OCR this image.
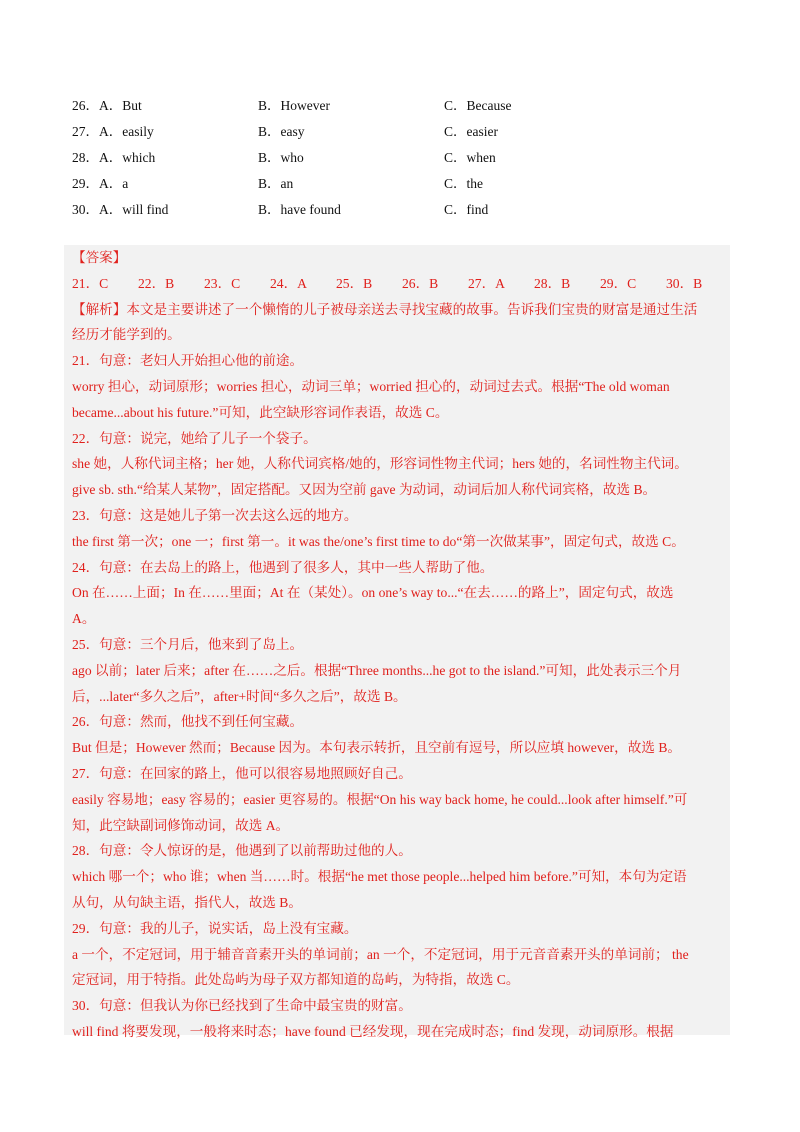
26．A．But	B．However	C．Because
27．A．easily	B．easy	C．easier
28．A．which	B．who	C．when
29．A．a	B．an	C．the
30．A．will find	B．have found	C．find
【答案】
21．C 22．B 23．C 24．A 25．B 26．B 27．A 28．B 29．C 30．B
【解析】本文是主要讲述了一个懒惰的儿子被母亲送去寻找宝藏的故事。告诉我们宝贵的财富是通过生活
经历才能学到的。
21．句意：老妇人开始担心他的前途。
worry 担心，动词原形；worries 担心，动词三单；worried 担心的，动词过去式。根据“The old woman
became...about his future.”可知，此空缺形容词作表语，故选 C。
22．句意：说完，她给了儿子一个袋子。
she 她，人称代词主格；her 她，人称代词宾格/她的，形容词性物主代词；hers 她的，名词性物主代词。
give sb. sth.“给某人某物”，固定搭配。又因为空前 gave 为动词，动词后加人称代词宾格，故选 B。
23．句意：这是她儿子第一次去这么远的地方。
the first 第一次；one 一；first 第一。it was the/one’s first time to do“第一次做某事”，固定句式，故选 C。
24．句意：在去岛上的路上，他遇到了很多人，其中一些人帮助了他。
On 在……上面；In 在……里面；At 在（某处）。on one’s way to...“在去……的路上”，固定句式，故选
A。
25．句意：三个月后，他来到了岛上。
ago 以前；later 后来；after 在……之后。根据“Three months...he got to the island.”可知，此处表示三个月
后，...later“多久之后”，after+时间“多久之后”，故选 B。
26．句意：然而，他找不到任何宝藏。
But 但是；However 然而；Because 因为。本句表示转折，且空前有逗号，所以应填 however，故选 B。
27．句意：在回家的路上，他可以很容易地照顾好自己。
easily 容易地；easy 容易的；easier 更容易的。根据“On his way back home, he could...look after himself.”可
知，此空缺副词修饰动词，故选 A。
28．句意：令人惊讶的是，他遇到了以前帮助过他的人。
which 哪一个；who 谁；when 当……时。根据“he met those people...helped him before.”可知，本句为定语
从句，从句缺主语，指代人，故选 B。
29．句意：我的儿子，说实话，岛上没有宝藏。
a 一个，不定冠词，用于辅音音素开头的单词前；an 一个，不定冠词，用于元音音素开头的单词前； the
定冠词，用于特指。此处岛屿为母子双方都知道的岛屿，为特指，故选 C。
30．句意：但我认为你已经找到了生命中最宝贵的财富。
will find 将要发现，一般将来时态；have found 已经发现，现在完成时态；find 发现，动词原形。根据
